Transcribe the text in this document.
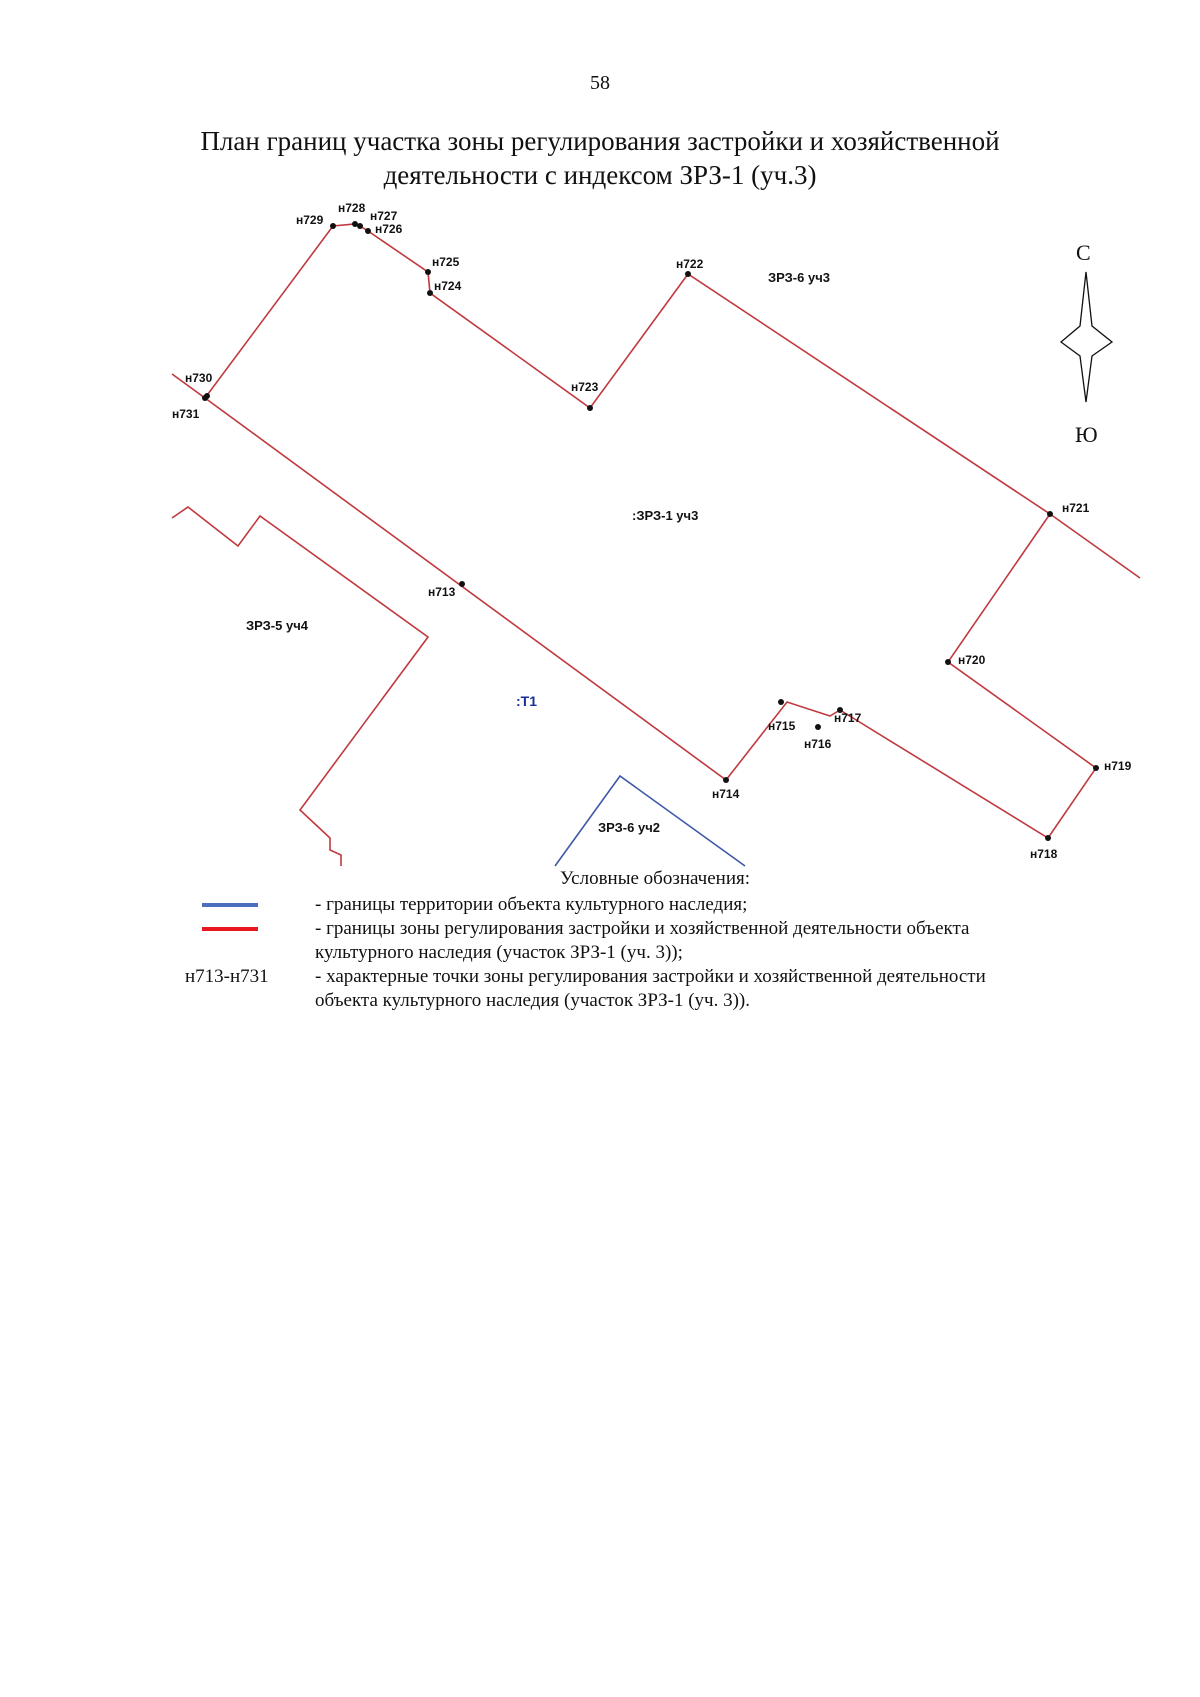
58
План границ участка зоны регулирования застройки и хозяйственной
деятельности с индексом ЗРЗ-1 (уч.3)
н713
н714
н715
н716
н717
н718
н719
н720
н721
н722
н723
н724
н725
н726
н727
н728
н729
н730
н731
ЗРЗ-6 уч3
:ЗРЗ-1 уч3
ЗРЗ-5 уч4
:Т1
ЗРЗ-6 уч2
С
Ю
Условные обозначения:
- границы территории объекта культурного наследия;
- границы зоны регулирования застройки и хозяйственной деятельности объекта
культурного наследия (участок ЗРЗ-1 (уч. 3));
н713-н731	- характерные точки зоны регулирования застройки и хозяйственной деятельности
объекта культурного наследия (участок ЗРЗ-1 (уч. 3)).
